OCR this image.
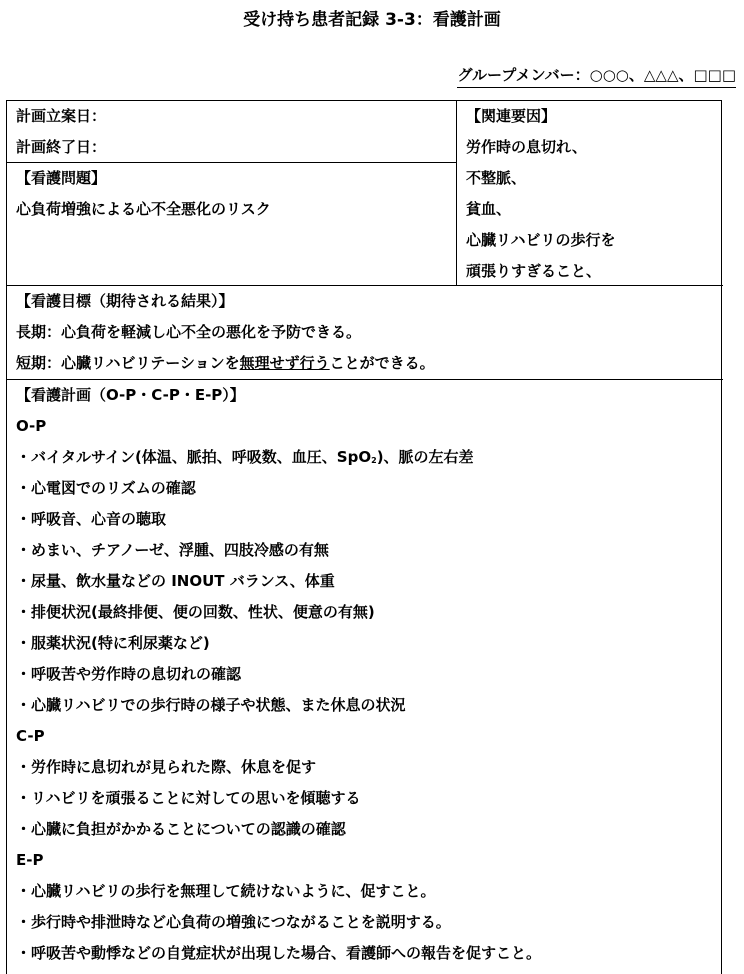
受け持ち患者記録 3-3：看護計画
グループメンバー：○○○、△△△、□□□
計画立案日：
計画終了日：
【看護問題】
心負荷増強による心不全悪化のリスク
【関連要因】
労作時の息切れ、
不整脈、
貧血、
心臓リハビリの歩行を
頑張りすぎること、
【看護目標（期待される結果）】
長期：心負荷を軽減し心不全の悪化を予防できる。
短期：心臓リハビリテーションを無理せず行うことができる。
【看護計画（O-P・C-P・E-P）】
O-P
・バイタルサイン(体温、脈拍、呼吸数、血圧、SpO$_2$)、脈の左右差
・心電図でのリズムの確認
・呼吸音、心音の聴取
・めまい、チアノーゼ、浮腫、四肢冷感の有無
・尿量、飲水量などの INOUT バランス、体重
・排便状況(最終排便、便の回数、性状、便意の有無)
・服薬状況(特に利尿薬など)
・呼吸苦や労作時の息切れの確認
・心臓リハビリでの歩行時の様子や状態、また休息の状況
C-P
・労作時に息切れが見られた際、休息を促す
・リハビリを頑張ることに対しての思いを傾聴する
・心臓に負担がかかることについての認識の確認
E-P
・心臓リハビリの歩行を無理して続けないように、促すこと。
・歩行時や排泄時など心負荷の増強につながることを説明する。
・呼吸苦や動悸などの自覚症状が出現した場合、看護師への報告を促すこと。
